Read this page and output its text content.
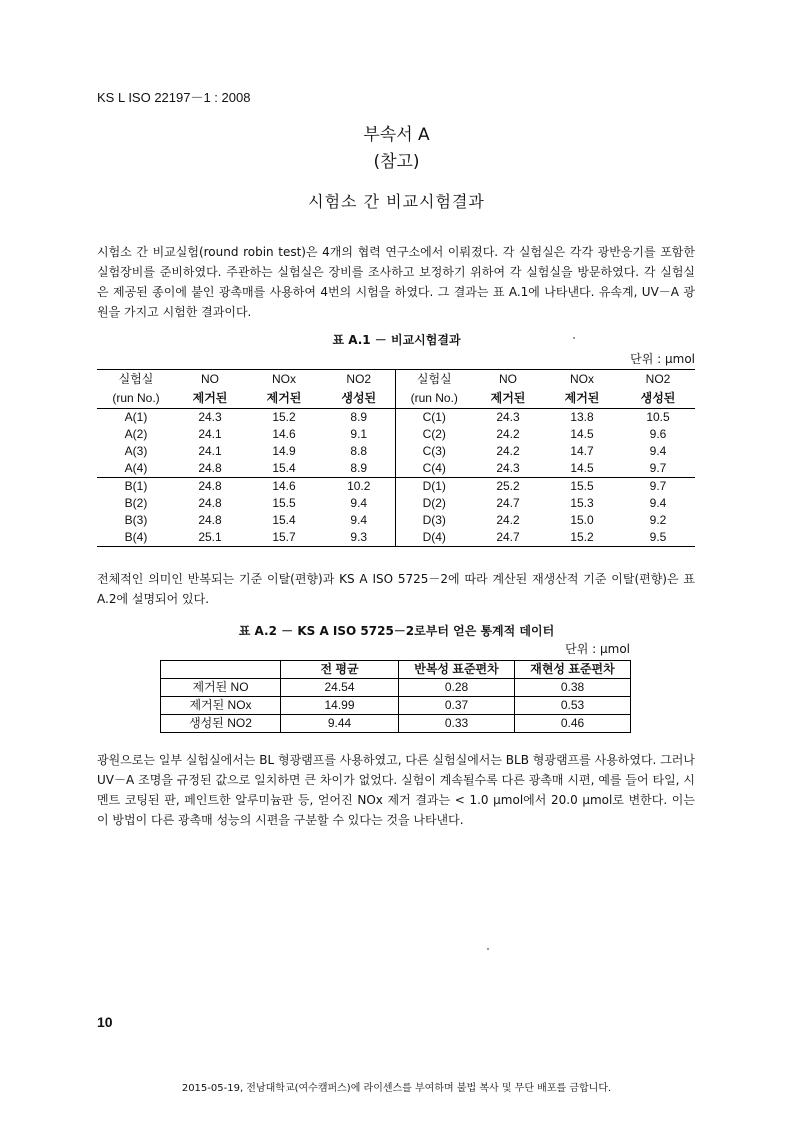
KS L ISO 22197－1 : 2008
부속서 A
(참고)
시험소 간 비교시험결과
시험소 간 비교실험(round robin test)은 4개의 협력 연구소에서 이뤄졌다. 각 실험실은 각각 광반응기를 포함한 실험장비를 준비하였다. 주관하는 실험실은 장비를 조사하고 보정하기 위하여 각 실험실을 방문하였다. 각 실험실은 제공된 종이에 붙인 광촉매를 사용하여 4번의 시험을 하였다. 그 결과는 표 A.1에 나타낸다. 유속계, UV－A 광원을 가지고 시험한 결과이다.
표 A.1 － 비교시험결과
단위 : μmol
실험실	NO	NOx	NO2	실험실	NO	NOx	NO2
(run No.)	제거된	제거된	생성된	(run No.)	제거된	제거된	생성된
A(1)	24.3	15.2	8.9	C(1)	24.3	13.8	10.5
A(2)	24.1	14.6	9.1	C(2)	24.2	14.5	9.6
A(3)	24.1	14.9	8.8	C(3)	24.2	14.7	9.4
A(4)	24.8	15.4	8.9	C(4)	24.3	14.5	9.7
B(1)	24.8	14.6	10.2	D(1)	25.2	15.5	9.7
B(2)	24.8	15.5	9.4	D(2)	24.7	15.3	9.4
B(3)	24.8	15.4	9.4	D(3)	24.2	15.0	9.2
B(4)	25.1	15.7	9.3	D(4)	24.7	15.2	9.5
전체적인 의미인 반복되는 기준 이탈(편향)과 KS A ISO 5725－2에 따라 계산된 재생산적 기준 이탈(편향)은 표 A.2에 설명되어 있다.
표 A.2 － KS A ISO 5725－2로부터 얻은 통계적 데이터
단위 : μmol
	전 평균	반복성 표준편차	재현성 표준편차
제거된 NO	24.54	0.28	0.38
제거된 NOx	14.99	0.37	0.53
생성된 NO2	9.44	0.33	0.46
광원으로는 일부 실험실에서는 BL 형광램프를 사용하였고, 다른 실험실에서는 BLB 형광램프를 사용하였다. 그러나 UV－A 조명을 규정된 값으로 일치하면 큰 차이가 없었다. 실험이 계속될수록 다른 광촉매 시편, 예를 들어 타일, 시멘트 코팅된 판, 페인트한 알루미늄판 등, 얻어진 NOx 제거 결과는 < 1.0 μmol에서 20.0 μmol로 변한다. 이는 이 방법이 다른 광촉매 성능의 시편을 구분할 수 있다는 것을 나타낸다.
10
2015-05-19, 전남대학교(여수캠퍼스)에 라이센스를 부여하며 불법 복사 및 무단 배포를 금합니다.
